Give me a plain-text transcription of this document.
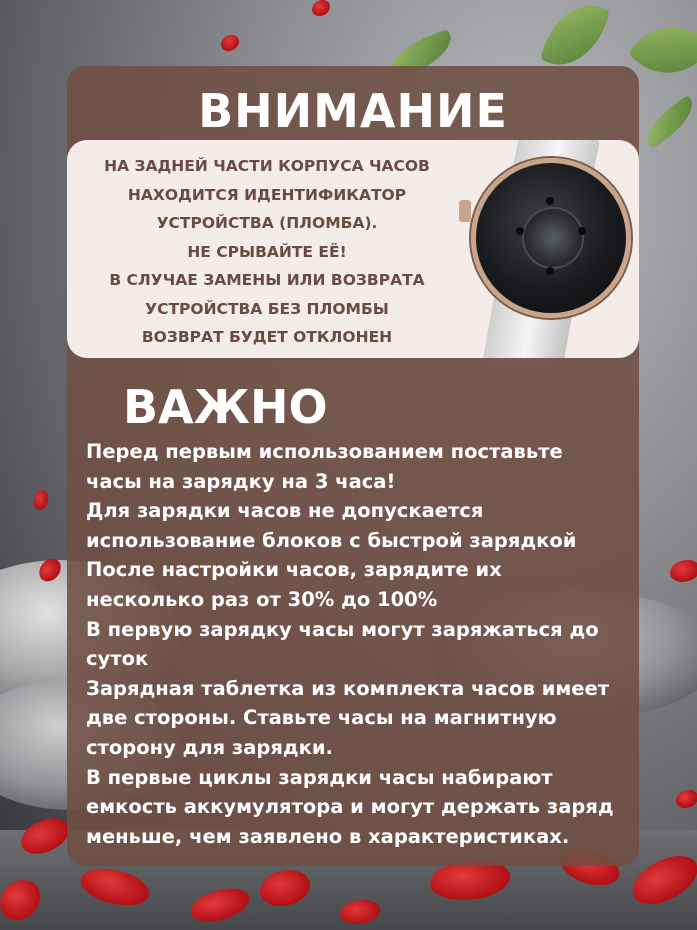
ВНИМАНИЕ
НА ЗАДНЕЙ ЧАСТИ КОРПУСА ЧАСОВ
НАХОДИТСЯ ИДЕНТИФИКАТОР
УСТРОЙСТВА (ПЛОМБА).
НЕ СРЫВАЙТЕ ЕЁ!
В СЛУЧАЕ ЗАМЕНЫ ИЛИ ВОЗВРАТА
УСТРОЙСТВА БЕЗ ПЛОМБЫ
ВОЗВРАТ БУДЕТ ОТКЛОНЕН
ВАЖНО
Перед первым использованием поставьте
часы на зарядку на 3 часа!
Для зарядки часов не допускается
использование блоков с быстрой зарядкой
После настройки часов, зарядите их
несколько раз от 30% до 100%
В первую зарядку часы могут заряжаться до
суток
Зарядная таблетка из комплекта часов имеет
две стороны. Ставьте часы на магнитную
сторону для зарядки.
В первые циклы зарядки часы набирают
емкость аккумулятора и могут держать заряд
меньше, чем заявлено в характеристиках.
